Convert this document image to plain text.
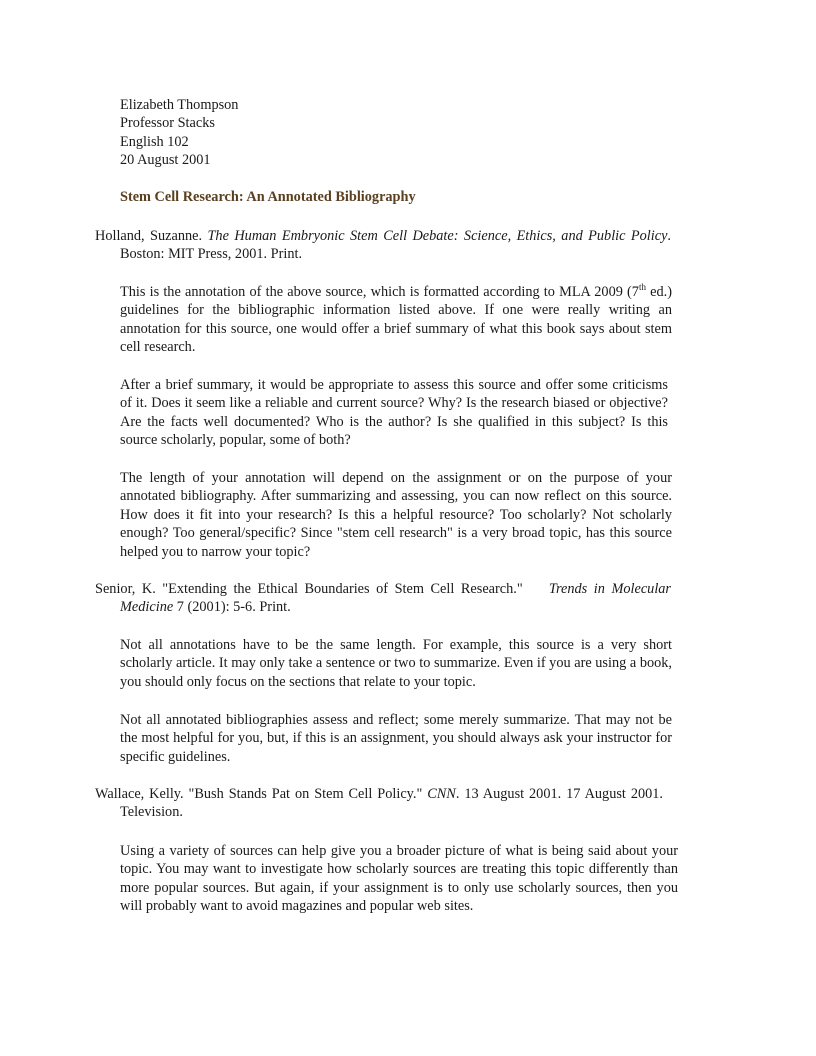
Elizabeth Thompson
Professor Stacks
English 102
20 August 2001
Stem Cell Research: An Annotated Bibliography

Holland, Suzanne. The Human Embryonic Stem Cell Debate: Science, Ethics, and Public Policy. Boston: MIT Press, 2001. Print.

This is the annotation of the above source, which is formatted according to MLA 2009 (7th ed.) guidelines for the bibliographic information listed above. If one were really writing an annotation for this source, one would offer a brief summary of what this book says about stem cell research.

After a brief summary, it would be appropriate to assess this source and offer some criticisms of it. Does it seem like a reliable and current source? Why? Is the research biased or objective? Are the facts well documented? Who is the author? Is she qualified in this subject? Is this source scholarly, popular, some of both?

The length of your annotation will depend on the assignment or on the purpose of your annotated bibliography. After summarizing and assessing, you can now reflect on this source. How does it fit into your research? Is this a helpful resource? Too scholarly? Not scholarly enough? Too general/specific? Since "stem cell research" is a very broad topic, has this source helped you to narrow your topic?

Senior, K. "Extending the Ethical Boundaries of Stem Cell Research."    Trends in Molecular Medicine 7 (2001): 5-6. Print.

Not all annotations have to be the same length. For example, this source is a very short scholarly article. It may only take a sentence or two to summarize. Even if you are using a book, you should only focus on the sections that relate to your topic.

Not all annotated bibliographies assess and reflect; some merely summarize. That may not be the most helpful for you, but, if this is an assignment, you should always ask your instructor for specific guidelines.

Wallace, Kelly. "Bush Stands Pat on Stem Cell Policy." CNN. 13 August 2001. 17 August 2001. Television.

Using a variety of sources can help give you a broader picture of what is being said about your topic. You may want to investigate how scholarly sources are treating this topic differently than more popular sources. But again, if your assignment is to only use scholarly sources, then you will probably want to avoid magazines and popular web sites.
